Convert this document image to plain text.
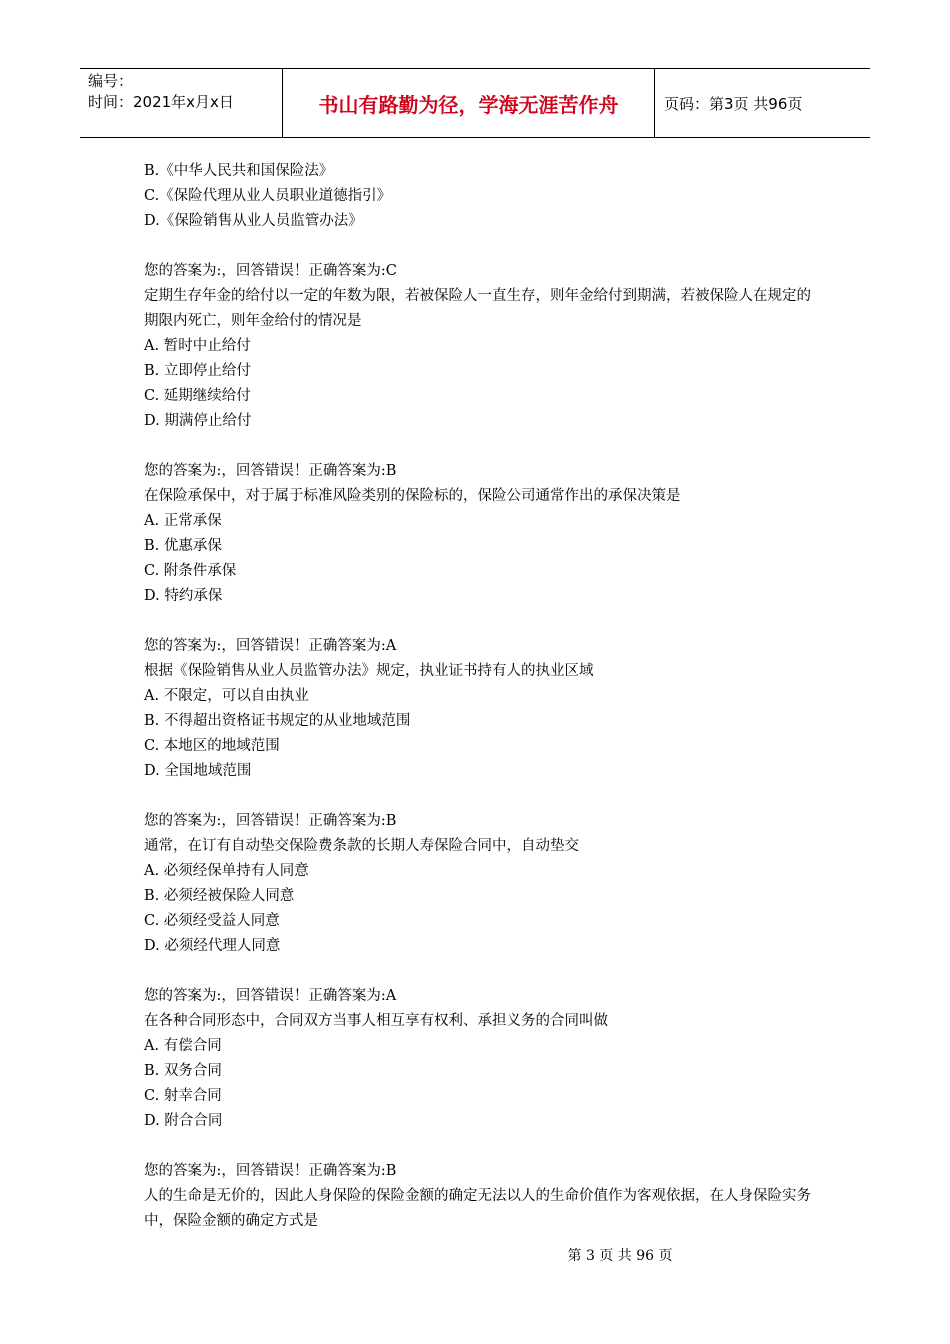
编号：
时间：2021年x月x日	书山有路勤为径，学海无涯苦作舟	页码：第3页 共96页
B.《中华人民共和国保险法》
C.《保险代理从业人员职业道德指引》
D.《保险销售从业人员监管办法》
您的答案为:，回答错误！正确答案为:C
定期生存年金的给付以一定的年数为限，若被保险人一直生存，则年金给付到期满，若被保险人在规定的期限内死亡，则年金给付的情况是
A. 暂时中止给付
B. 立即停止给付
C. 延期继续给付
D. 期满停止给付
您的答案为:，回答错误！正确答案为:B
在保险承保中，对于属于标准风险类别的保险标的，保险公司通常作出的承保决策是
A. 正常承保
B. 优惠承保
C. 附条件承保
D. 特约承保
您的答案为:，回答错误！正确答案为:A
根据《保险销售从业人员监管办法》规定，执业证书持有人的执业区域
A. 不限定，可以自由执业
B. 不得超出资格证书规定的从业地域范围
C. 本地区的地域范围
D. 全国地域范围
您的答案为:，回答错误！正确答案为:B
通常，在订有自动垫交保险费条款的长期人寿保险合同中，自动垫交
A. 必须经保单持有人同意
B. 必须经被保险人同意
C. 必须经受益人同意
D. 必须经代理人同意
您的答案为:，回答错误！正确答案为:A
在各种合同形态中，合同双方当事人相互享有权利、承担义务的合同叫做
A. 有偿合同
B. 双务合同
C. 射幸合同
D. 附合合同
您的答案为:，回答错误！正确答案为:B
人的生命是无价的，因此人身保险的保险金额的确定无法以人的生命价值作为客观依据，在人身保险实务中，保险金额的确定方式是
第 3 页 共 96 页
